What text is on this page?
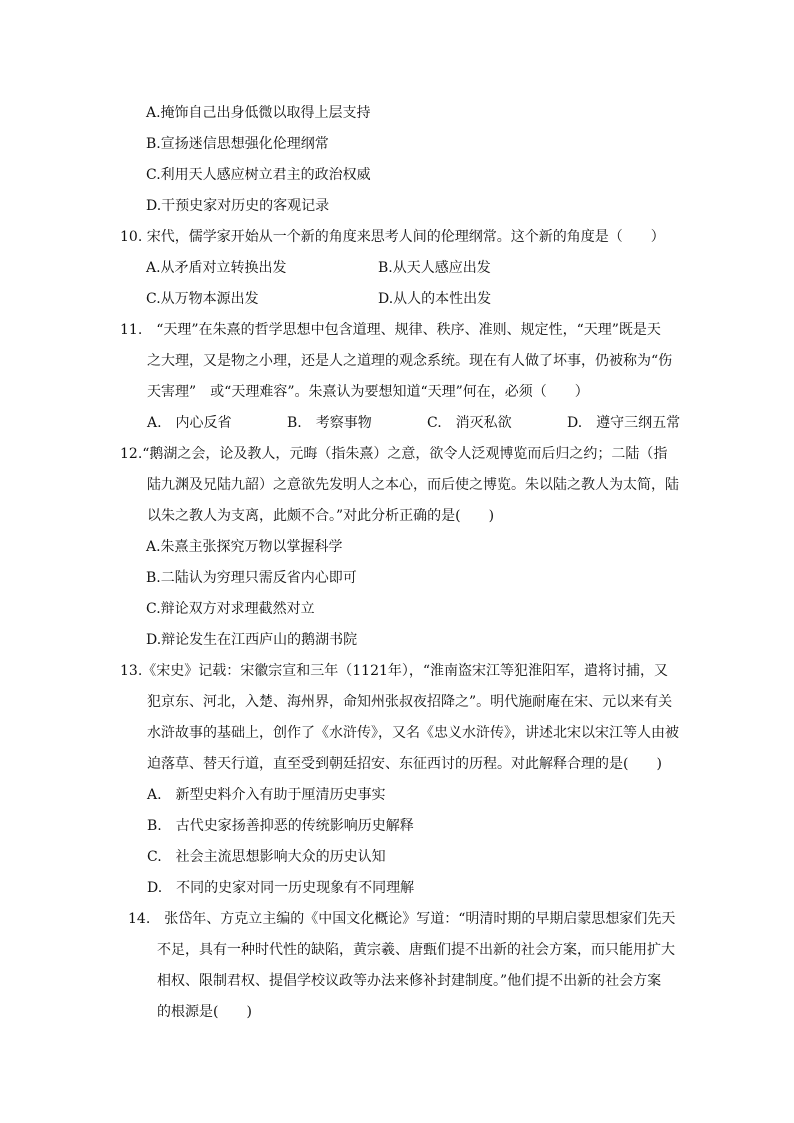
A.掩饰自己出身低微以取得上层支持
B.宣扬迷信思想强化伦理纲常
C.利用天人感应树立君主的政治权威
D.干预史家对历史的客观记录
10. 宋代，儒学家开始从一个新的角度来思考人间的伦理纲常。这个新的角度是（　　）
A.从矛盾对立转换出发	B.从天人感应出发
C.从万物本源出发	D.从人的本性出发
11.　“天理”在朱熹的哲学思想中包含道理、规律、秩序、准则、规定性，“天理”既是天
之大理，又是物之小理，还是人之道理的观念系统。现在有人做了坏事，仍被称为“伤
天害理”　或“天理难容”。朱熹认为要想知道“天理”何在，必须（　　）
A.　内心反省	B.　考察事物	C.　消灭私欲	D.　遵守三纲五常
12.“鹅湖之会，论及教人，元晦（指朱熹）之意，欲令人泛观博览而后归之约；二陆（指
陆九渊及兄陆九韶）之意欲先发明人之本心，而后使之博览。朱以陆之教人为太简，陆
以朱之教人为支离，此颇不合。”对此分析正确的是(　　)
A.朱熹主张探究万物以掌握科学
B.二陆认为穷理只需反省内心即可
C.辩论双方对求理截然对立
D.辩论发生在江西庐山的鹅湖书院
13.《宋史》记载：宋徽宗宣和三年（1121年），“淮南盗宋江等犯淮阳军，遣将讨捕，又
犯京东、河北，入楚、海州界，命知州张叔夜招降之”。明代施耐庵在宋、元以来有关
水浒故事的基础上，创作了《水浒传》，又名《忠义水浒传》，讲述北宋以宋江等人由被
迫落草、替天行道，直至受到朝廷招安、东征西讨的历程。对此解释合理的是(　　)
A.　新型史料介入有助于厘清历史事实
B.　古代史家扬善抑恶的传统影响历史解释
C.　社会主流思想影响大众的历史认知
D.　不同的史家对同一历史现象有不同理解
14.　张岱年、方克立主编的《中国文化概论》写道：“明清时期的早期启蒙思想家们先天
不足，具有一种时代性的缺陷，黄宗羲、唐甄们提不出新的社会方案，而只能用扩大
相权、限制君权、提倡学校议政等办法来修补封建制度。”他们提不出新的社会方案
的根源是(　　)
